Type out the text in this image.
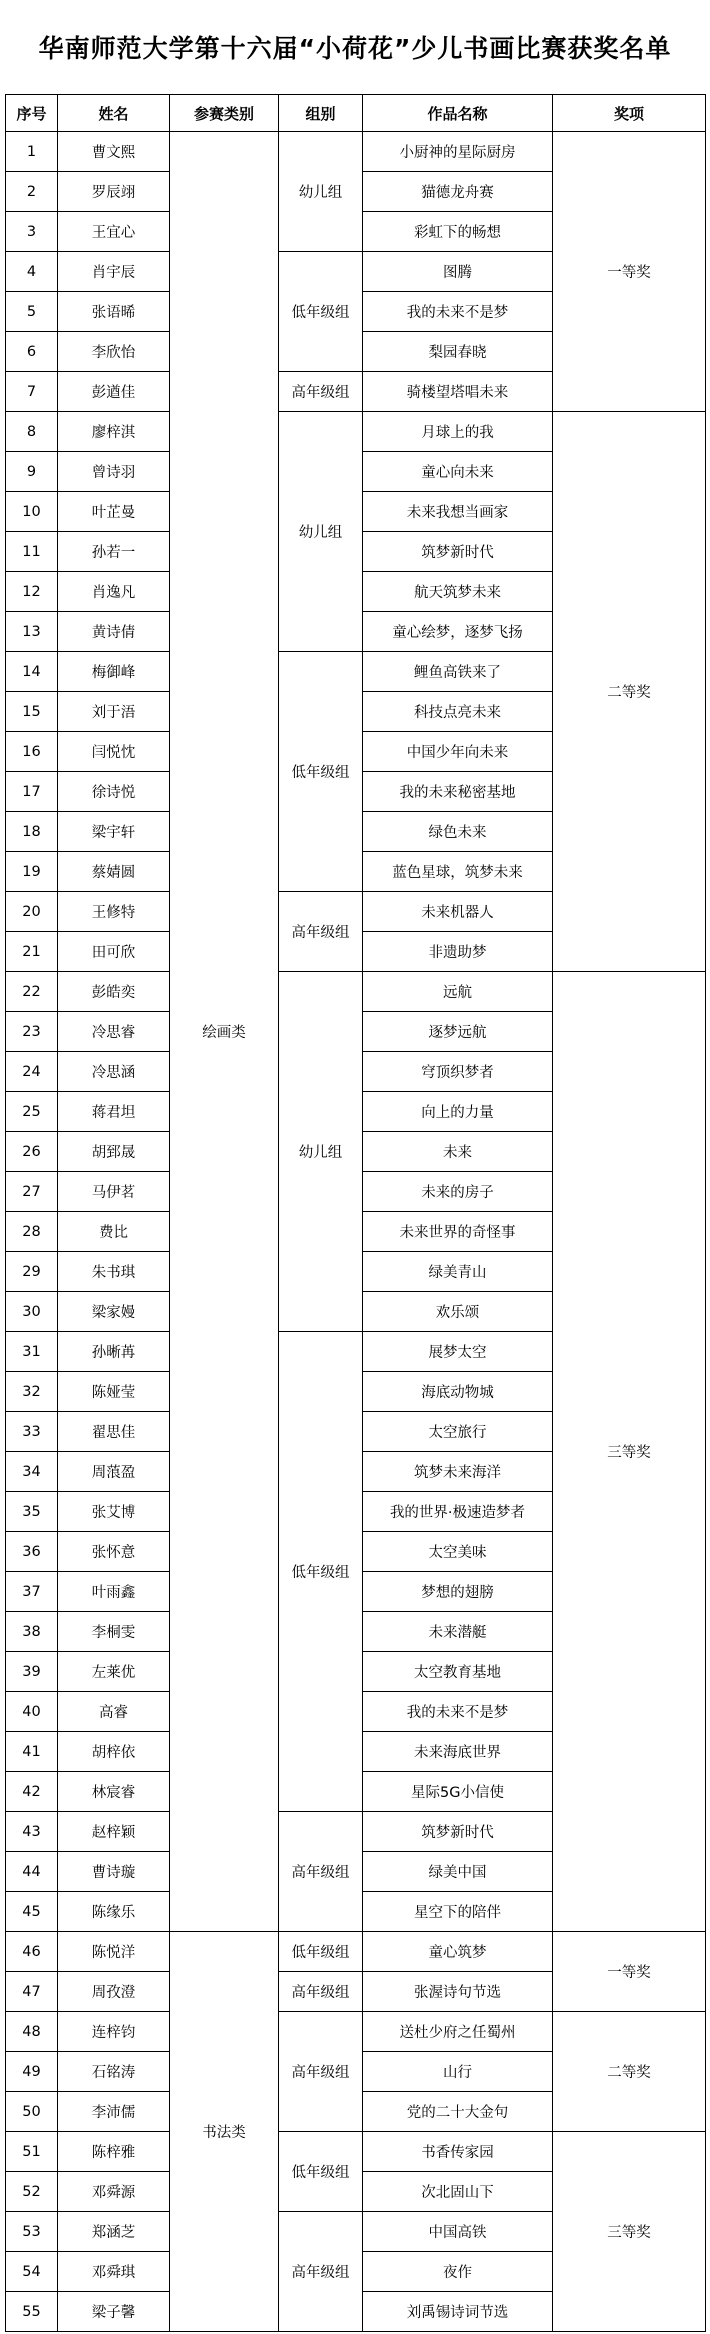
华南师范大学第十六届“小荷花”少儿书画比赛获奖名单
序号	姓名	参赛类别	组别	作品名称	奖项
1	曹文熙	绘画类	幼儿组	小厨神的星际厨房	一等奖
2	罗辰翊			猫德龙舟赛	
3	王宜心			彩虹下的畅想	
4	肖宇辰		低年级组	图腾	
5	张语晞			我的未来不是梦	
6	李欣怡			梨园春晓	
7	彭遒佳		高年级组	骑楼望塔唱未来	
8	廖梓淇		幼儿组	月球上的我	二等奖
9	曾诗羽			童心向未来	
10	叶芷曼			未来我想当画家	
11	孙若一			筑梦新时代	
12	肖逸凡			航天筑梦未来	
13	黄诗倩			童心绘梦，逐梦飞扬	
14	梅御峰		低年级组	鲤鱼高铁来了	
15	刘于浯			科技点亮未来	
16	闫悦忱			中国少年向未来	
17	徐诗悦			我的未来秘密基地	
18	梁宇轩			绿色未来	
19	蔡婧圆			蓝色星球，筑梦未来	
20	王修特		高年级组	未来机器人	
21	田可欣			非遗助梦	
22	彭皓奕		幼儿组	远航	三等奖
23	冷思睿			逐梦远航	
24	冷思涵			穹顶织梦者	
25	蒋君坦			向上的力量	
26	胡郅晟			未来	
27	马伊茗			未来的房子	
28	费比			未来世界的奇怪事	
29	朱书琪			绿美青山	
30	梁家嫚			欢乐颂	
31	孙晰苒		低年级组	展梦太空	
32	陈娅莹			海底动物城	
33	翟思佳			太空旅行	
34	周蒗盈			筑梦未来海洋	
35	张艾博			我的世界·极速造梦者	
36	张怀意			太空美味	
37	叶雨鑫			梦想的翅膀	
38	李桐雯			未来潜艇	
39	左莱优			太空教育基地	
40	高睿			我的未来不是梦	
41	胡梓依			未来海底世界	
42	林宸睿			星际5G小信使	
43	赵梓颖		高年级组	筑梦新时代	
44	曹诗璇			绿美中国	
45	陈缘乐			星空下的陪伴	
46	陈悦洋	书法类	低年级组	童心筑梦	一等奖
47	周孜澄		高年级组	张渥诗句节选	
48	连梓钧		高年级组	送杜少府之任蜀州	二等奖
49	石铭涛			山行	
50	李沛儒			党的二十大金句	
51	陈梓雅		低年级组	书香传家园	三等奖
52	邓舜源			次北固山下	
53	郑涵芝		高年级组	中国高铁	
54	邓舜琪			夜作	
55	梁子馨			刘禹锡诗词节选	
